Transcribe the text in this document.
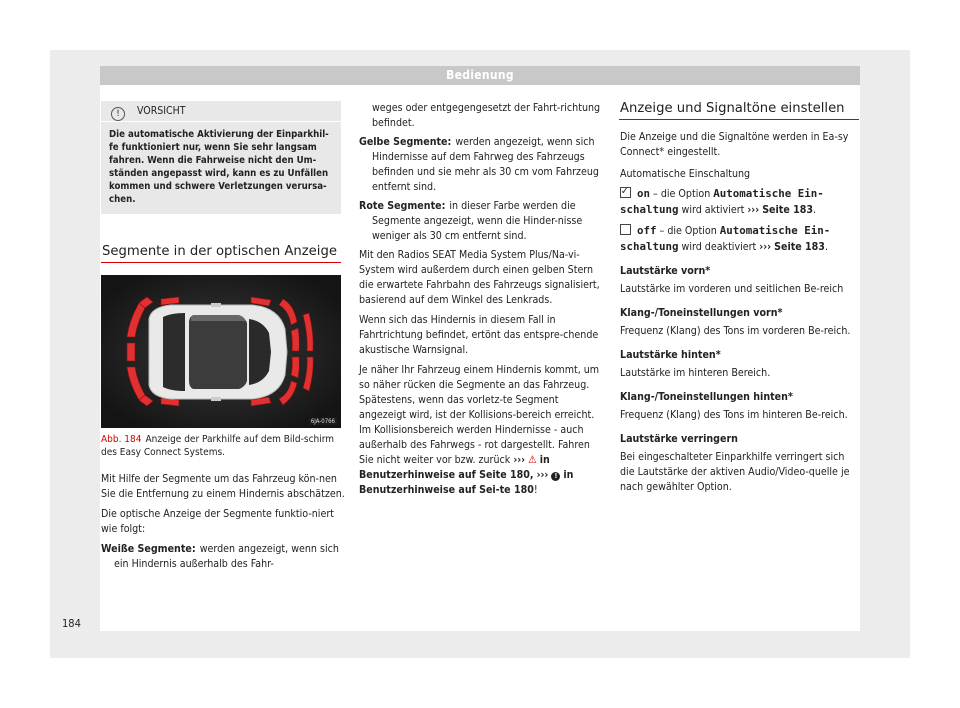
Bedienung
! VORSICHT
Die automatische Aktivierung der Einparkhil-fe funktioniert nur, wenn Sie sehr langsam fahren. Wenn die Fahrweise nicht den Um-ständen angepasst wird, kann es zu Unfällen kommen und schwere Verletzungen verursa-chen.
Segmente in der optischen Anzeige
6JA-0766
Abb. 184 Anzeige der Parkhilfe auf dem Bild-schirm des Easy Connect Systems.

Mit Hilfe der Segmente um das Fahrzeug kön-nen Sie die Entfernung zu einem Hindernis abschätzen.

Die optische Anzeige der Segmente funktio-niert wie folgt:

Weiße Segmente: werden angezeigt, wenn sich ein Hindernis außerhalb des Fahr-
weges oder entgegengesetzt der Fahrt-richtung befindet.
Gelbe Segmente: werden angezeigt, wenn sich Hindernisse auf dem Fahrweg des Fahrzeugs befinden und sie mehr als 30 cm vom Fahrzeug entfernt sind.
Rote Segmente: in dieser Farbe werden die Segmente angezeigt, wenn die Hinder-nisse weniger als 30 cm entfernt sind.

Mit den Radios SEAT Media System Plus/Na-vi-System wird außerdem durch einen gelben Stern die erwartete Fahrbahn des Fahrzeugs signalisiert, basierend auf dem Winkel des Lenkrads.

Wenn sich das Hindernis in diesem Fall in Fahrtrichtung befindet, ertönt das entspre-chende akustische Warnsignal.

Je näher Ihr Fahrzeug einem Hindernis kommt, um so näher rücken die Segmente an das Fahrzeug. Spätestens, wenn das vorletz-te Segment angezeigt wird, ist der Kollisions-bereich erreicht. Im Kollisionsbereich werden Hindernisse - auch außerhalb des Fahrwegs - rot dargestellt. Fahren Sie nicht weiter vor bzw. zurück ››› ⚠ in Benutzerhinweise auf Seite 180, ››› ! in Benutzerhinweise auf Sei-te 180!

Anzeige und Signaltöne einstellen

Die Anzeige und die Signaltöne werden in Ea-sy Connect* eingestellt.

Automatische Einschaltung

✓on – die Option Automatische Ein-schaltung wird aktiviert ››› Seite 183.

off – die Option Automatische Ein-schaltung wird deaktiviert ››› Seite 183.

Lautstärke vorn*

Lautstärke im vorderen und seitlichen Be-reich

Klang-/Toneinstellungen vorn*

Frequenz (Klang) des Tons im vorderen Be-reich.

Lautstärke hinten*

Lautstärke im hinteren Bereich.

Klang-/Toneinstellungen hinten*

Frequenz (Klang) des Tons im hinteren Be-reich.

Lautstärke verringern

Bei eingeschalteter Einparkhilfe verringert sich die Lautstärke der aktiven Audio/Video-quelle je nach gewählter Option.

184
